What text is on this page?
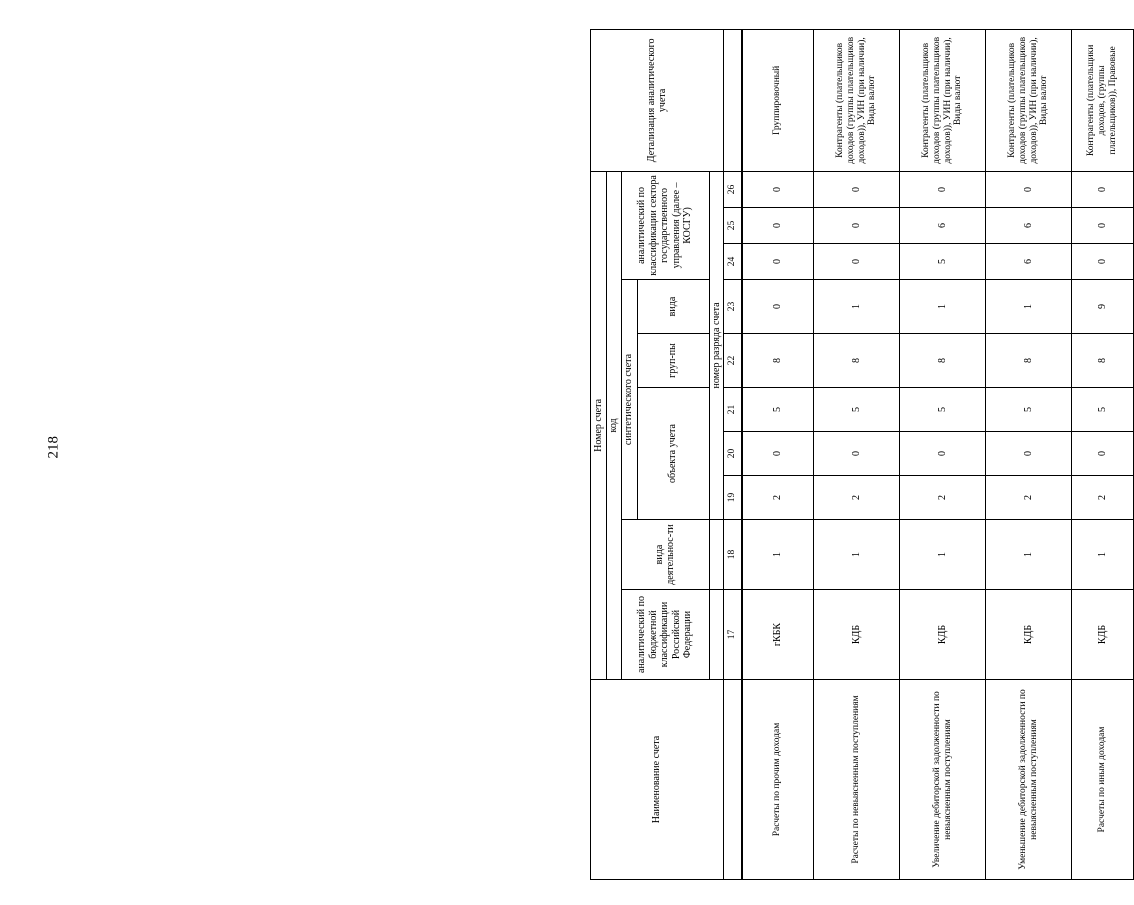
218
Наименование счета	Номер счета										Детализация аналитического учета
	код										
	аналитический по бюджетной классификации Российской Федерации	вида деятельнос-ти	синтетического счета					аналитический по классификации сектора государственного управления (далее – КОСГУ)			
			объекта учета			груп-пы	вида				
			номер разряда счета								
	17	18	19	20	21	22	23	24	25	26	
Расчеты по прочим доходам	гКБК	1	2	0	5	8	0	0	0	0	Группировочный
Расчеты по невыясненным поступлениям	КДБ	1	2	0	5	8	1	0	0	0	Контрагенты (плательщиков доходов (группы плательщиков доходов)), УИН (при наличии), Виды валют
Увеличение дебиторской задолженности по невыясненным поступлениям	КДБ	1	2	0	5	8	1	5	6	0	Контрагенты (плательщиков доходов (группы плательщиков доходов)), УИН (при наличии), Виды валют
Уменьшение дебиторской задолженности по невыясненным поступлениям	КДБ	1	2	0	5	8	1	6	6	0	Контрагенты (плательщиков доходов (группы плательщиков доходов)), УИН (при наличии), Виды валют
Расчеты по иным доходам	КДБ	1	2	0	5	8	9	0	0	0	Контрагенты (плательщики доходов, (группы плательщиков)), Правовые
